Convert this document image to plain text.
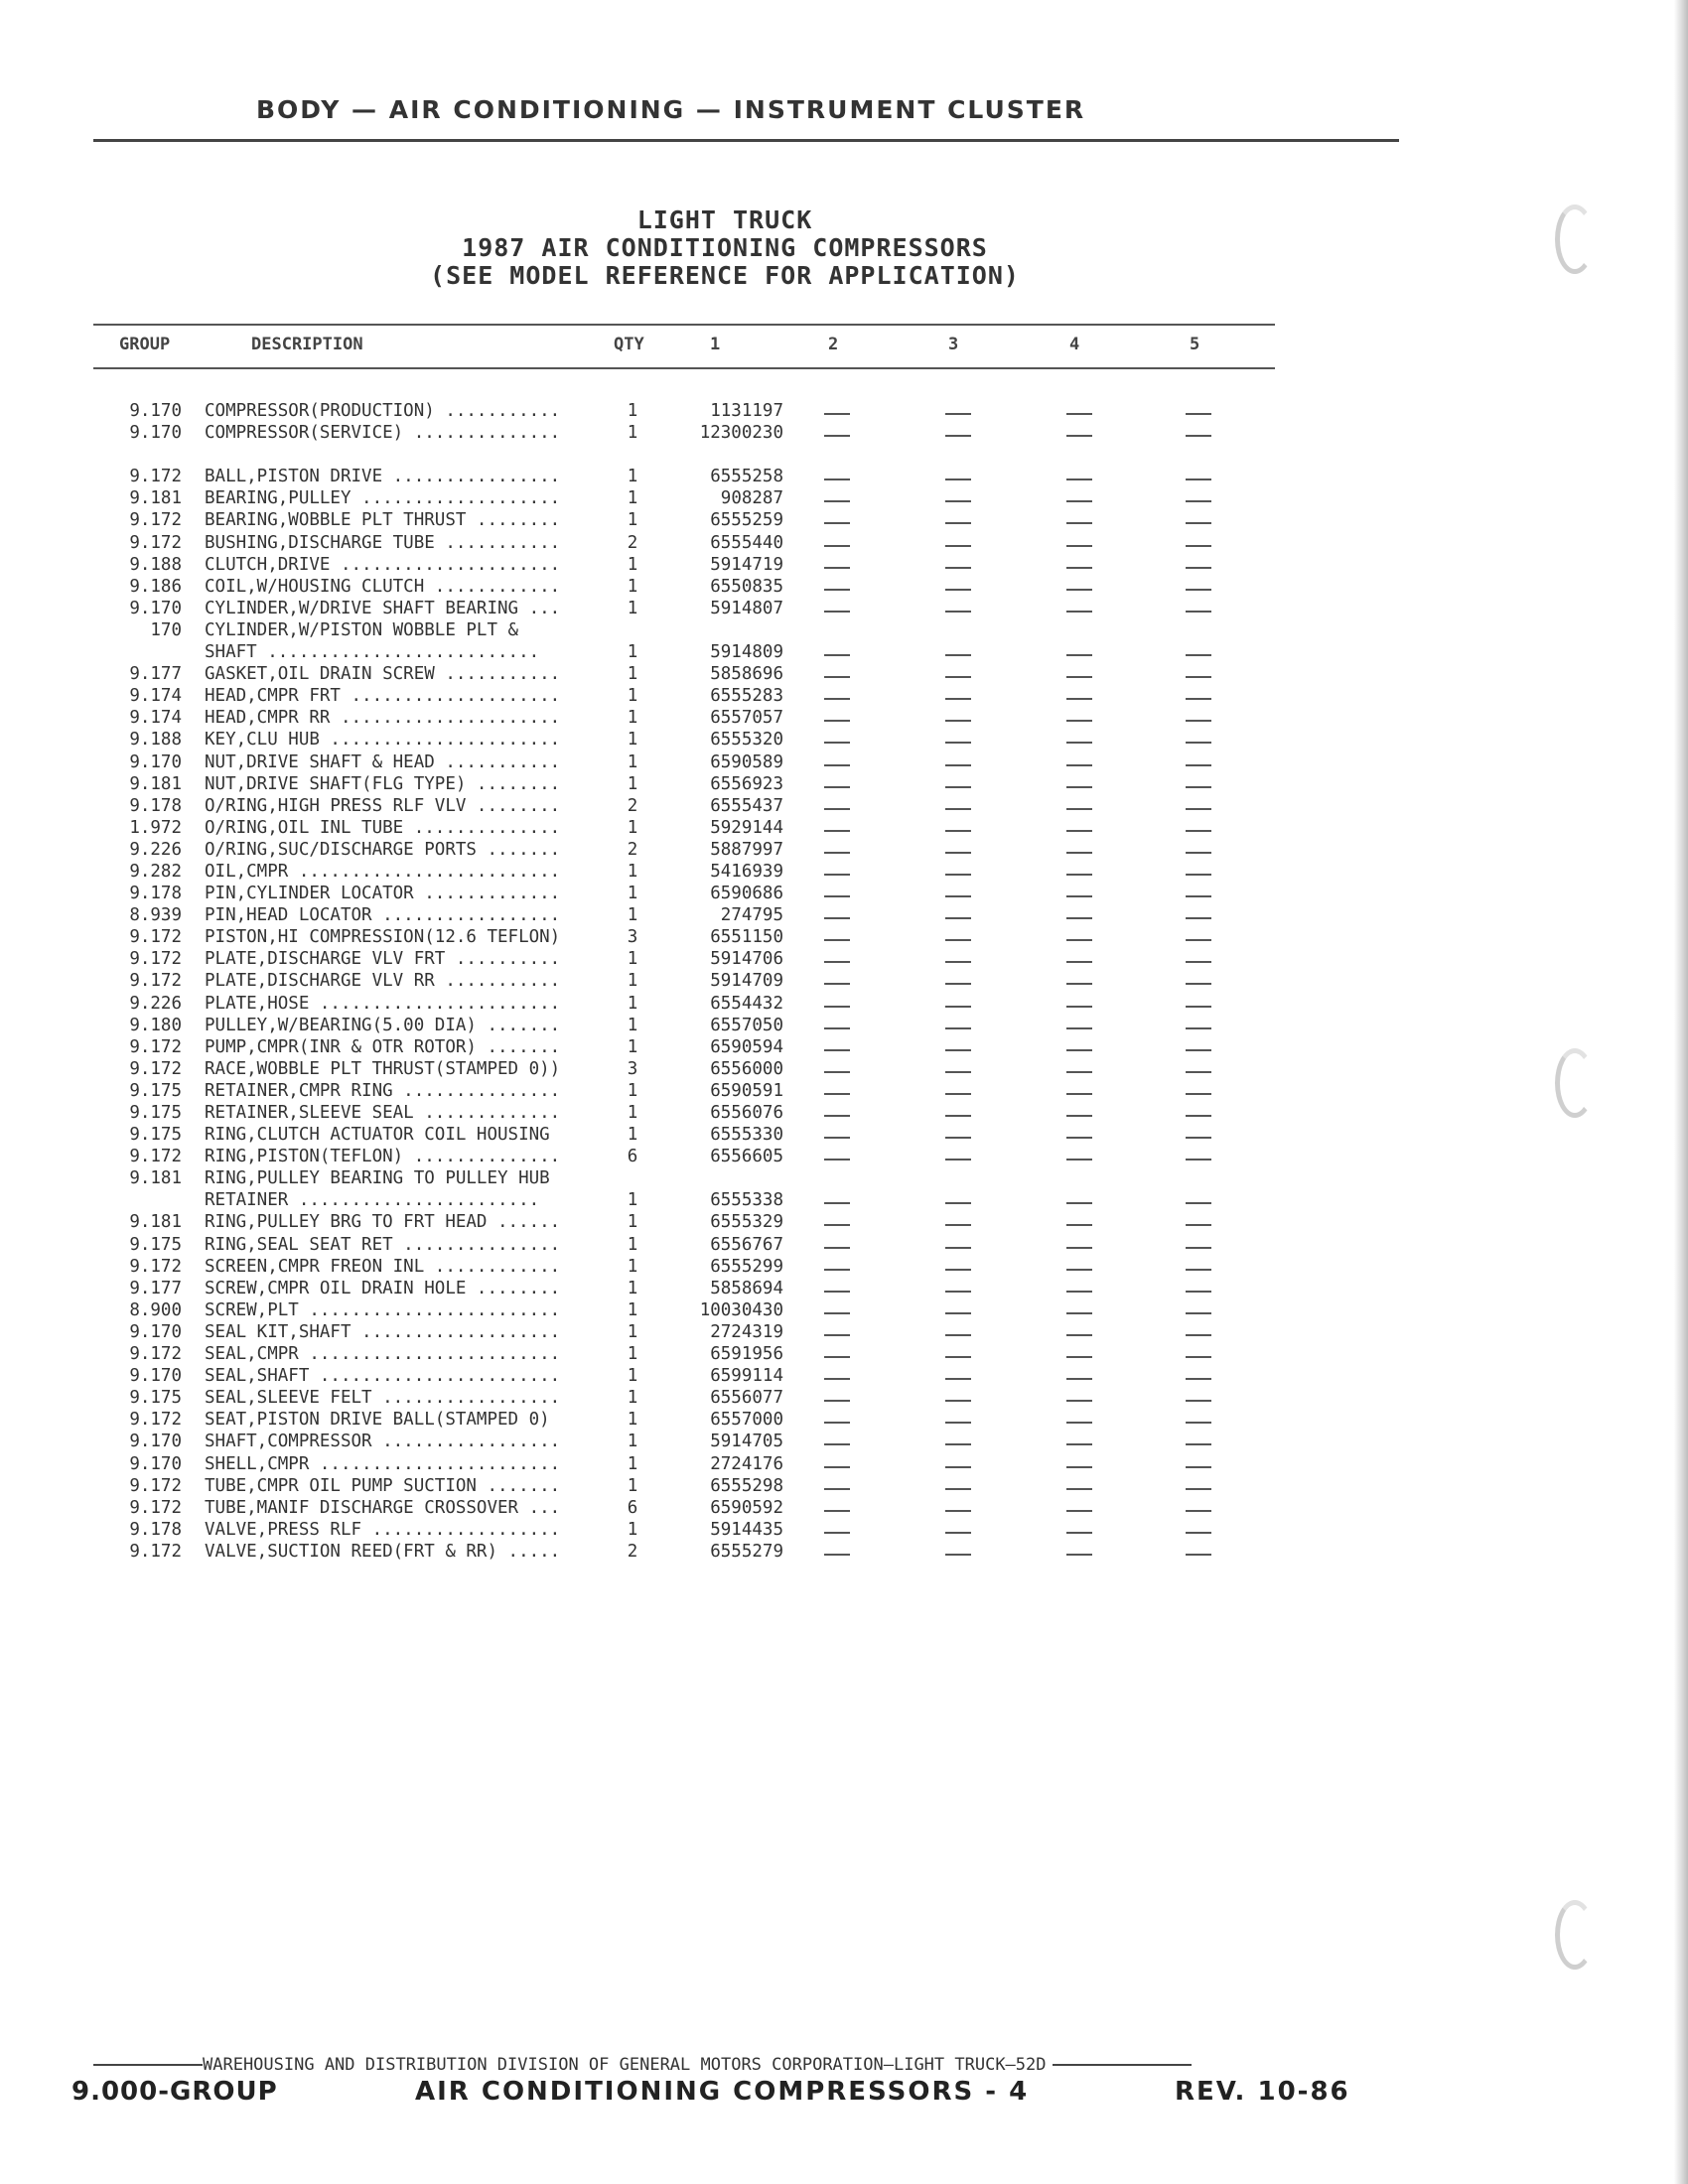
BODY — AIR CONDITIONING — INSTRUMENT CLUSTER
LIGHT TRUCK
1987 AIR CONDITIONING COMPRESSORS
(SEE MODEL REFERENCE FOR APPLICATION)
GROUP	DESCRIPTION	QTY	1	2	3	4	5
9.170 COMPRESSOR(PRODUCTION) ...........	1	1131197
9.170 COMPRESSOR(SERVICE) ..............	1	12300230
9.172 BALL,PISTON DRIVE ................	1	6555258
9.181 BEARING,PULLEY ...................	1	908287
9.172 BEARING,WOBBLE PLT THRUST ........	1	6555259
9.172 BUSHING,DISCHARGE TUBE ...........	2	6555440
9.188 CLUTCH,DRIVE .....................	1	5914719
9.186 COIL,W/HOUSING CLUTCH ............	1	6550835
9.170 CYLINDER,W/DRIVE SHAFT BEARING ...	1	5914807
170 CYLINDER,W/PISTON WOBBLE PLT &
SHAFT ..........................	1	5914809
9.177 GASKET,OIL DRAIN SCREW ...........	1	5858696
9.174 HEAD,CMPR FRT ....................	1	6555283
9.174 HEAD,CMPR RR .....................	1	6557057
9.188 KEY,CLU HUB ......................	1	6555320
9.170 NUT,DRIVE SHAFT & HEAD ...........	1	6590589
9.181 NUT,DRIVE SHAFT(FLG TYPE) ........	1	6556923
9.178 O/RING,HIGH PRESS RLF VLV ........	2	6555437
1.972 O/RING,OIL INL TUBE ..............	1	5929144
9.226 O/RING,SUC/DISCHARGE PORTS .......	2	5887997
9.282 OIL,CMPR .........................	1	5416939
9.178 PIN,CYLINDER LOCATOR .............	1	6590686
8.939 PIN,HEAD LOCATOR .................	1	274795
9.172 PISTON,HI COMPRESSION(12.6 TEFLON)	3	6551150
9.172 PLATE,DISCHARGE VLV FRT ..........	1	5914706
9.172 PLATE,DISCHARGE VLV RR ...........	1	5914709
9.226 PLATE,HOSE .......................	1	6554432
9.180 PULLEY,W/BEARING(5.00 DIA) .......	1	6557050
9.172 PUMP,CMPR(INR & OTR ROTOR) .......	1	6590594
9.172 RACE,WOBBLE PLT THRUST(STAMPED 0))	3	6556000
9.175 RETAINER,CMPR RING ...............	1	6590591
9.175 RETAINER,SLEEVE SEAL .............	1	6556076
9.175 RING,CLUTCH ACTUATOR COIL HOUSING	1	6555330
9.172 RING,PISTON(TEFLON) ..............	6	6556605
9.181 RING,PULLEY BEARING TO PULLEY HUB
RETAINER .......................	1	6555338
9.181 RING,PULLEY BRG TO FRT HEAD ......	1	6555329
9.175 RING,SEAL SEAT RET ...............	1	6556767
9.172 SCREEN,CMPR FREON INL ............	1	6555299
9.177 SCREW,CMPR OIL DRAIN HOLE ........	1	5858694
8.900 SCREW,PLT ........................	1	10030430
9.170 SEAL KIT,SHAFT ...................	1	2724319
9.172 SEAL,CMPR ........................	1	6591956
9.170 SEAL,SHAFT .......................	1	6599114
9.175 SEAL,SLEEVE FELT .................	1	6556077
9.172 SEAT,PISTON DRIVE BALL(STAMPED 0)	1	6557000
9.170 SHAFT,COMPRESSOR .................	1	5914705
9.170 SHELL,CMPR .......................	1	2724176
9.172 TUBE,CMPR OIL PUMP SUCTION .......	1	6555298
9.172 TUBE,MANIF DISCHARGE CROSSOVER ...	6	6590592
9.178 VALVE,PRESS RLF ..................	1	5914435
9.172 VALVE,SUCTION REED(FRT & RR) .....	2	6555279
WAREHOUSING AND DISTRIBUTION DIVISION OF GENERAL MOTORS CORPORATION—LIGHT TRUCK—52D
9.000-GROUP	AIR CONDITIONING COMPRESSORS - 4	REV. 10-86
